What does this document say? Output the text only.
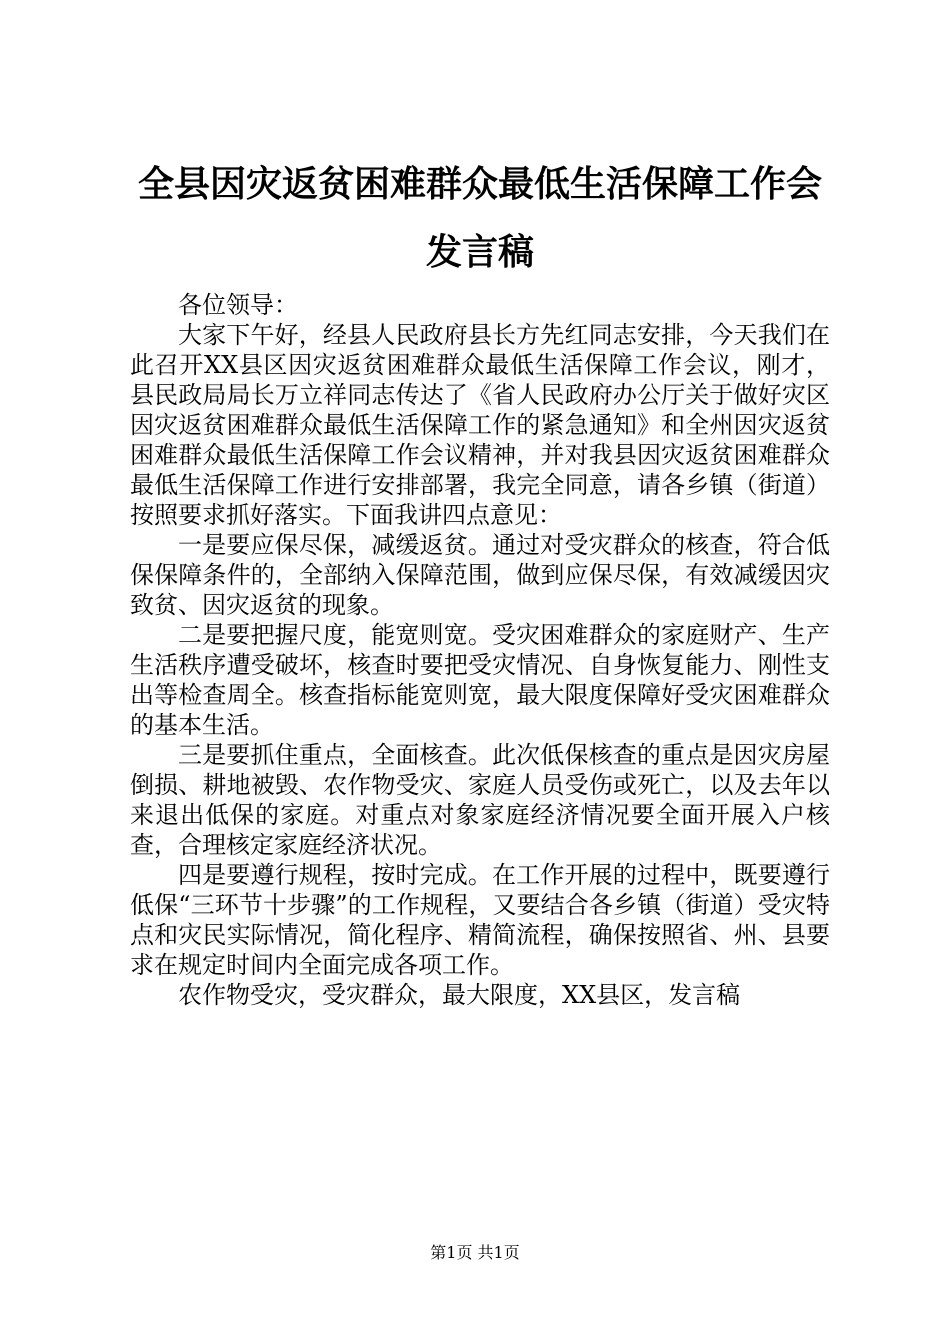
全县因灾返贫困难群众最低生活保障工作会发言稿

各位领导：

大家下午好，经县人民政府县长方先红同志安排，今天我们在此召开XX县区因灾返贫困难群众最低生活保障工作会议，刚才，县民政局局长万立祥同志传达了《省人民政府办公厅关于做好灾区因灾返贫困难群众最低生活保障工作的紧急通知》和全州因灾返贫困难群众最低生活保障工作会议精神，并对我县因灾返贫困难群众最低生活保障工作进行安排部署，我完全同意，请各乡镇（街道）按照要求抓好落实。下面我讲四点意见：

一是要应保尽保，减缓返贫。通过对受灾群众的核查，符合低保保障条件的，全部纳入保障范围，做到应保尽保，有效减缓因灾致贫、因灾返贫的现象。

二是要把握尺度，能宽则宽。受灾困难群众的家庭财产、生产生活秩序遭受破坏，核查时要把受灾情况、自身恢复能力、刚性支出等检查周全。核查指标能宽则宽，最大限度保障好受灾困难群众的基本生活。

三是要抓住重点，全面核查。此次低保核查的重点是因灾房屋倒损、耕地被毁、农作物受灾、家庭人员受伤或死亡，以及去年以来退出低保的家庭。对重点对象家庭经济情况要全面开展入户核查，合理核定家庭经济状况。

四是要遵行规程，按时完成。在工作开展的过程中，既要遵行低保“三环节十步骤”的工作规程，又要结合各乡镇（街道）受灾特点和灾民实际情况，简化程序、精简流程，确保按照省、州、县要求在规定时间内全面完成各项工作。

农作物受灾，受灾群众，最大限度，XX县区，发言稿

第1页 共1页
